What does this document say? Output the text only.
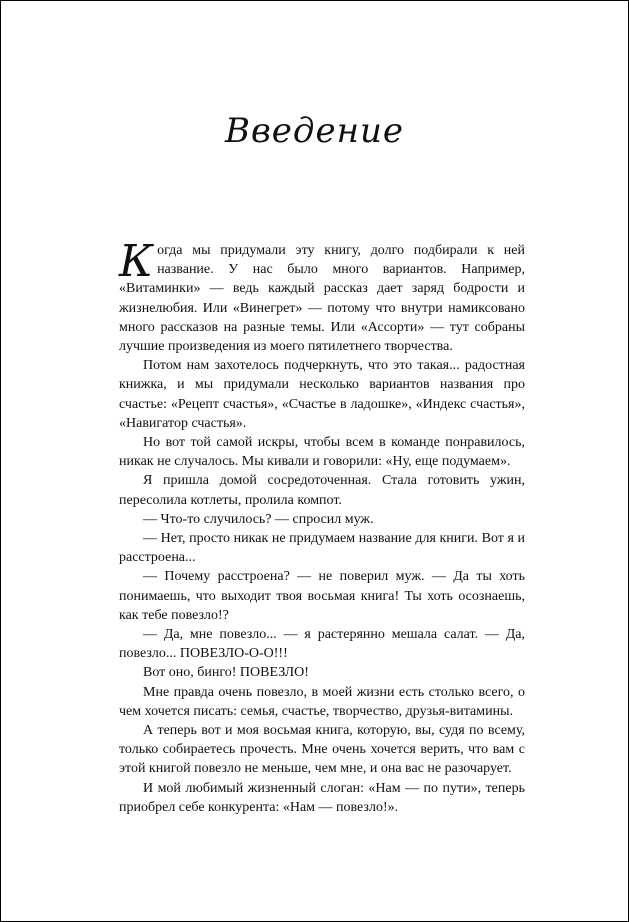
Введение

Когда мы придумали эту книгу, долго подбирали к ней название. У нас было много вариантов. Например, «Витаминки» — ведь каждый рассказ дает заряд бодрости и жизнелюбия. Или «Винегрет» — потому что внутри намиксовано много рассказов на разные темы. Или «Ассорти» — тут собраны лучшие произведения из моего пятилетнего творчества.

Потом нам захотелось подчеркнуть, что это такая... радостная книжка, и мы придумали несколько вариантов названия про счастье: «Рецепт счастья», «Счастье в ладошке», «Индекс счастья», «Навигатор счастья».

Но вот той самой искры, чтобы всем в команде понравилось, никак не случалось. Мы кивали и говорили: «Ну, еще подумаем».

Я пришла домой сосредоточенная. Стала готовить ужин, пересолила котлеты, пролила компот.

— Что-то случилось? — спросил муж.

— Нет, просто никак не придумаем название для книги. Вот я и расстроена...

— Почему расстроена? — не поверил муж. — Да ты хоть понимаешь, что выходит твоя восьмая книга! Ты хоть осознаешь, как тебе повезло!?

— Да, мне повезло... — я растерянно мешала салат. — Да, повезло... ПОВЕЗЛО-О-О!!!

Вот оно, бинго! ПОВЕЗЛО!

Мне правда очень повезло, в моей жизни есть столько всего, о чем хочется писать: семья, счастье, творчество, друзья-витамины.

А теперь вот и моя восьмая книга, которую, вы, судя по всему, только собираетесь прочесть. Мне очень хочется верить, что вам с этой книгой повезло не меньше, чем мне, и она вас не разочарует.

И мой любимый жизненный слоган: «Нам — по пути», теперь приобрел себе конкурента: «Нам — повезло!».
